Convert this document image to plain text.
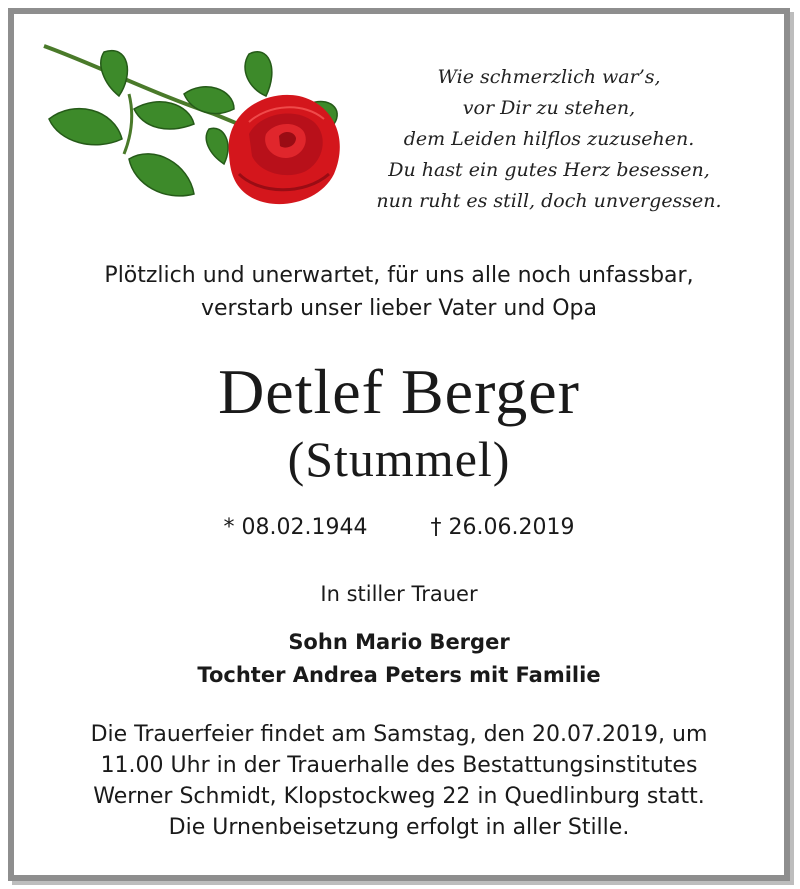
Wie schmerzlich war’s,
vor Dir zu stehen,
dem Leiden hilflos zuzusehen.
Du hast ein gutes Herz besessen,
nun ruht es still, doch unvergessen.
Plötzlich und unerwartet, für uns alle noch unfassbar,
verstarb unser lieber Vater und Opa
Detlef Berger
(Stummel)
* 08.02.1944	† 26.06.2019
In stiller Trauer
Sohn Mario Berger
Tochter Andrea Peters mit Familie
Die Trauerfeier findet am Samstag, den 20.07.2019, um
11.00 Uhr in der Trauerhalle des Bestattungsinstitutes
Werner Schmidt, Klopstockweg 22 in Quedlinburg statt.
Die Urnenbeisetzung erfolgt in aller Stille.
